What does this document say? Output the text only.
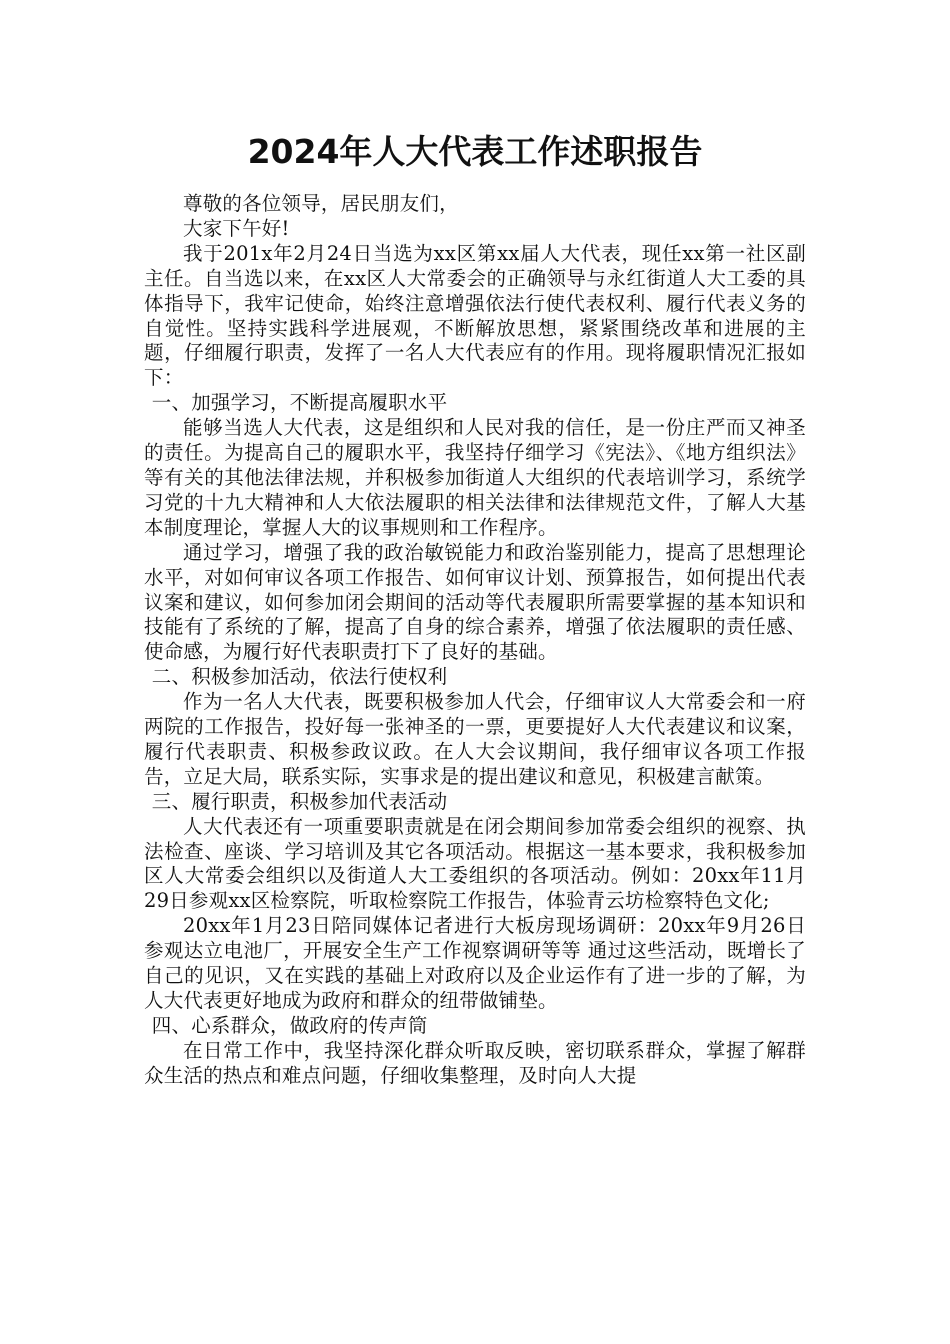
2024年人大代表工作述职报告

尊敬的各位领导，居民朋友们，

大家下午好!

我于201x年2月24日当选为xx区第xx届人大代表，现任xx第一社区副主任。自当选以来，在xx区人大常委会的正确领导与永红街道人大工委的具体指导下，我牢记使命，始终注意增强依法行使代表权利、履行代表义务的自觉性。坚持实践科学进展观，不断解放思想，紧紧围绕改革和进展的主题，仔细履行职责，发挥了一名人大代表应有的作用。现将履职情况汇报如下：

一、加强学习，不断提高履职水平

能够当选人大代表，这是组织和人民对我的信任，是一份庄严而又神圣的责任。为提高自己的履职水平，我坚持仔细学习《宪法》、《地方组织法》等有关的其他法律法规，并积极参加街道人大组织的代表培训学习，系统学习党的十九大精神和人大依法履职的相关法律和法律规范文件，了解人大基本制度理论，掌握人大的议事规则和工作程序。

通过学习，增强了我的政治敏锐能力和政治鉴别能力，提高了思想理论水平，对如何审议各项工作报告、如何审议计划、预算报告，如何提出代表议案和建议，如何参加闭会期间的活动等代表履职所需要掌握的基本知识和技能有了系统的了解，提高了自身的综合素养，增强了依法履职的责任感、使命感，为履行好代表职责打下了良好的基础。

二、积极参加活动，依法行使权利

作为一名人大代表，既要积极参加人代会，仔细审议人大常委会和一府两院的工作报告，投好每一张神圣的一票，更要提好人大代表建议和议案，履行代表职责、积极参政议政。在人大会议期间，我仔细审议各项工作报告，立足大局，联系实际，实事求是的提出建议和意见，积极建言献策。

三、履行职责，积极参加代表活动

人大代表还有一项重要职责就是在闭会期间参加常委会组织的视察、执法检查、座谈、学习培训及其它各项活动。根据这一基本要求，我积极参加区人大常委会组织以及街道人大工委组织的各项活动。例如：20xx年11月29日参观xx区检察院，听取检察院工作报告，体验青云坊检察特色文化;

20xx年1月23日陪同媒体记者进行大板房现场调研：20xx年9月26日参观达立电池厂，开展安全生产工作视察调研等等 通过这些活动，既增长了自己的见识，又在实践的基础上对政府以及企业运作有了进一步的了解，为人大代表更好地成为政府和群众的纽带做铺垫。

四、心系群众，做政府的传声筒

在日常工作中，我坚持深化群众听取反映，密切联系群众，掌握了解群众生活的热点和难点问题，仔细收集整理，及时向人大提
